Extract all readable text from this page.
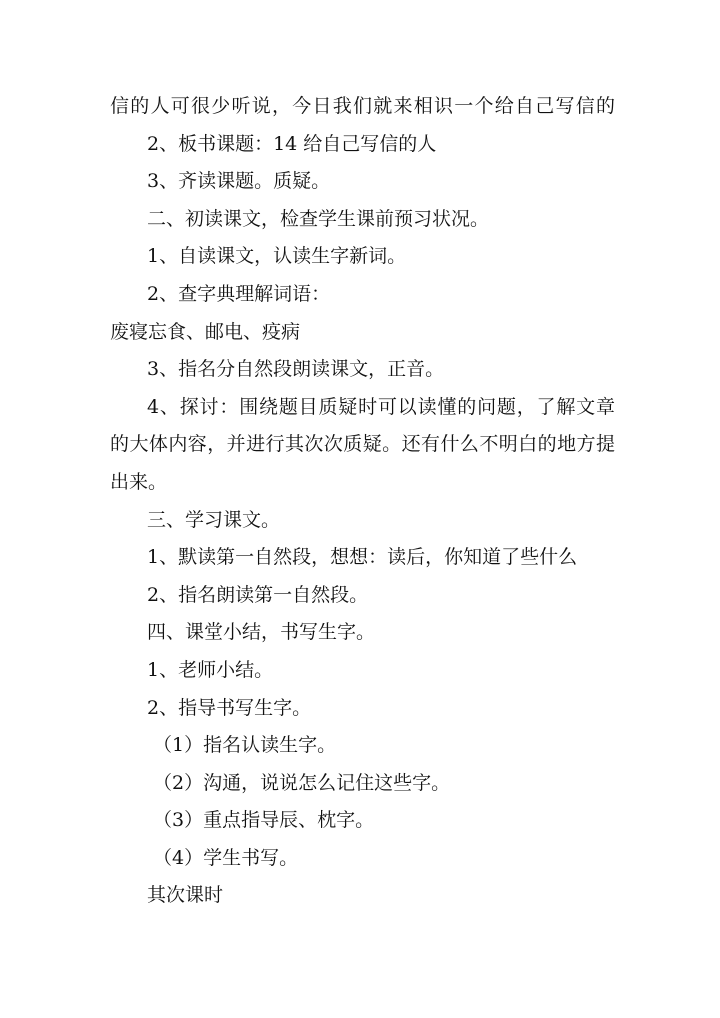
信的人可很少听说，今日我们就来相识一个给自己写信的

2、板书课题：14 给自己写信的人

3、齐读课题。质疑。

二、初读课文，检查学生课前预习状况。

1、自读课文，认读生字新词。

2、查字典理解词语：

废寝忘食、邮电、疫病

3、指名分自然段朗读课文，正音。

4、探讨：围绕题目质疑时可以读懂的问题，了解文章

的大体内容，并进行其次次质疑。还有什么不明白的地方提

出来。

三、学习课文。

1、默读第一自然段，想想：读后，你知道了些什么

2、指名朗读第一自然段。

四、课堂小结，书写生字。

1、老师小结。

2、指导书写生字。

（1）指名认读生字。

（2）沟通，说说怎么记住这些字。

（3）重点指导辰、枕字。

（4）学生书写。

其次课时
